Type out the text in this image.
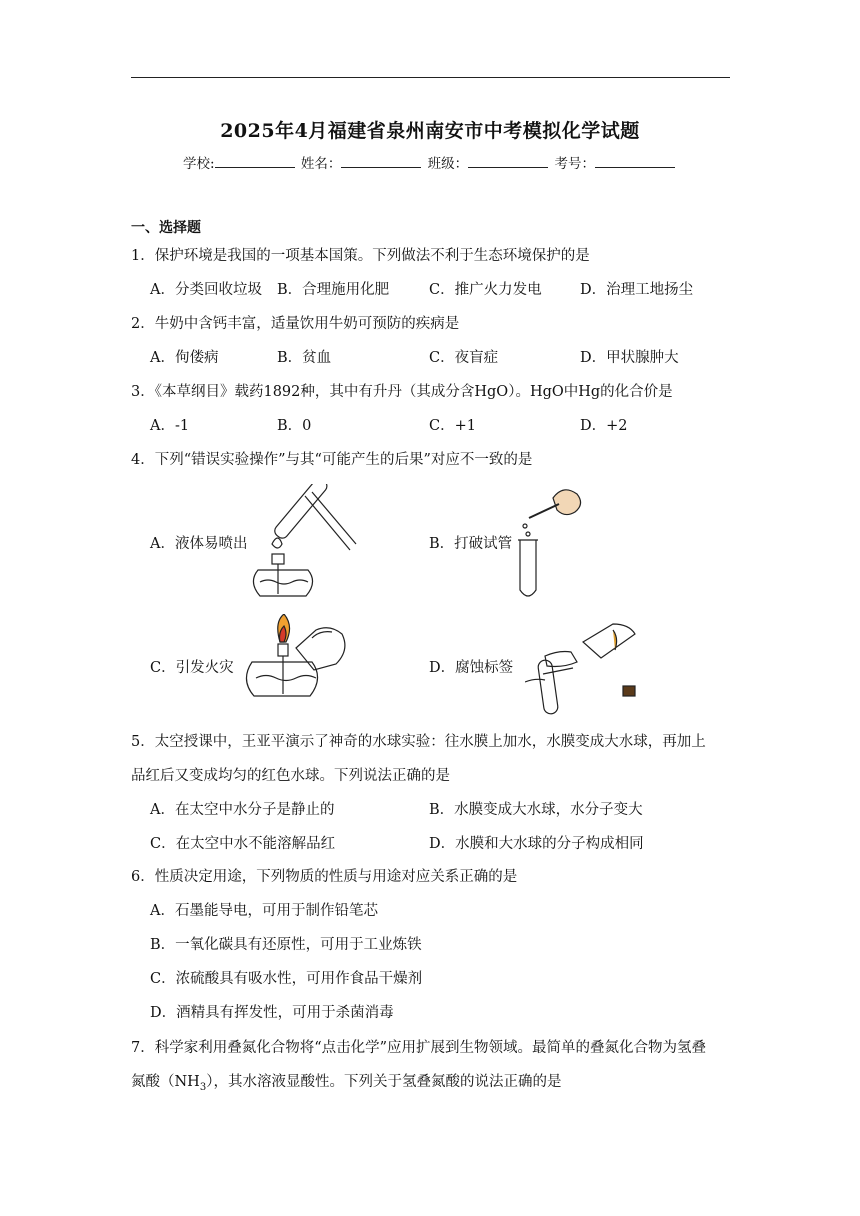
2025年4月福建省泉州南安市中考模拟化学试题
学校:	姓名：	班级：	考号：
一、选择题
1．保护环境是我国的一项基本国策。下列做法不利于生态环境保护的是
A．分类回收垃圾 B．合理施用化肥	C．推广火力发电	D．治理工地扬尘
2．牛奶中含钙丰富，适量饮用牛奶可预防的疾病是
A．佝偻病	B．贫血	C．夜盲症	D．甲状腺肿大
3．《本草纲目》载药1892种，其中有升丹（其成分含HgO）。HgO中Hg的化合价是
A．-1	B．0	C．+1	D．+2
4．下列“错误实验操作”与其“可能产生的后果”对应不一致的是
A．液体易喷出	B．打破试管
C．引发火灾	D．腐蚀标签
5．太空授课中，王亚平演示了神奇的水球实验：往水膜上加水，水膜变成大水球，再加上
品红后又变成均匀的红色水球。下列说法正确的是
A．在太空中水分子是静止的	B．水膜变成大水球，水分子变大
C．在太空中水不能溶解品红	D．水膜和大水球的分子构成相同
6．性质决定用途，下列物质的性质与用途对应关系正确的是
A．石墨能导电，可用于制作铅笔芯
B．一氧化碳具有还原性，可用于工业炼铁
C．浓硫酸具有吸水性，可用作食品干燥剂
D．酒精具有挥发性，可用于杀菌消毒
7．科学家利用叠氮化合物将“点击化学”应用扩展到生物领域。最简单的叠氮化合物为氢叠
氮酸$(NH_3)$，其水溶液显酸性。下列关于氢叠氮酸的说法正确的是
